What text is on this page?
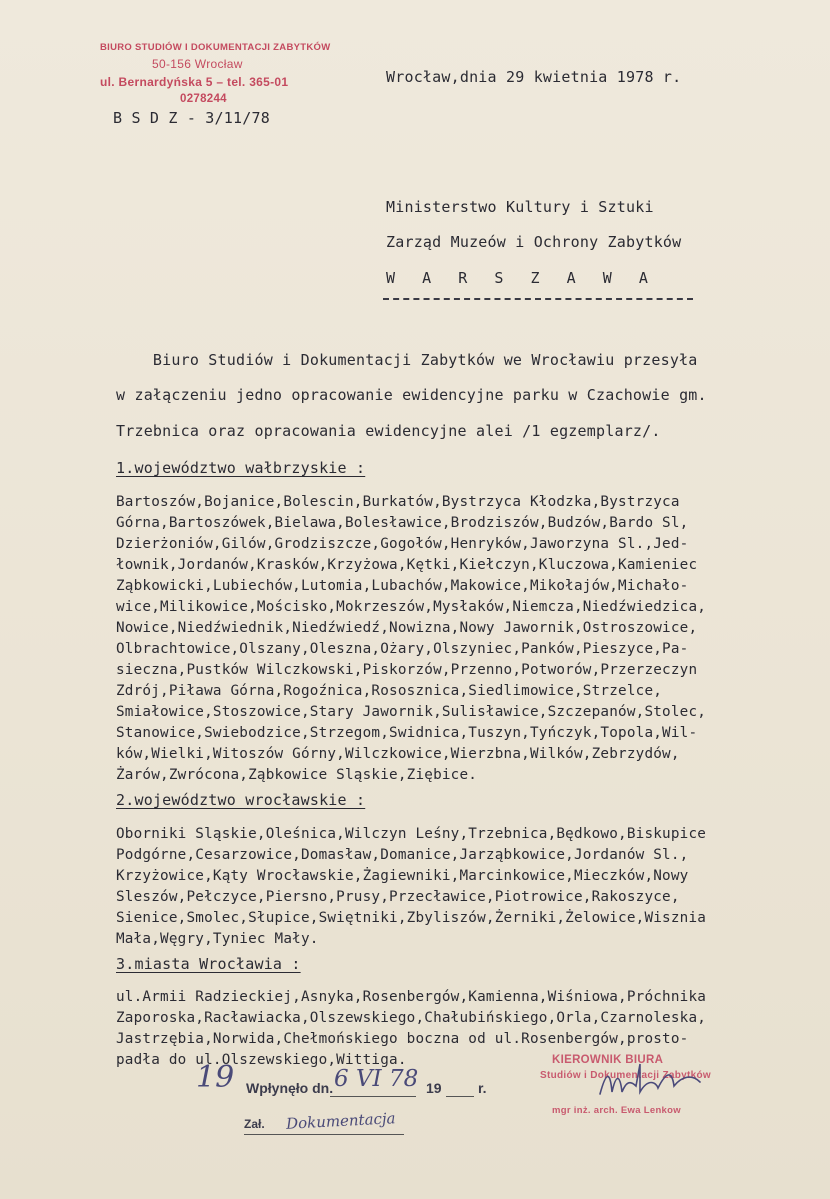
BIURO STUDIÓW I DOKUMENTACJI ZABYTKÓW
50-156 Wrocław
ul. Bernardyńska 5 – tel. 365-01
0278244
B S D Z - 3/11/78
Wrocław,dnia 29 kwietnia 1978 r.
Ministerstwo Kultury i Sztuki
Zarząd Muzeów i Ochrony Zabytków
W   A   R   S   Z   A   W   A
Biuro Studiów i Dokumentacji Zabytków we Wrocławiu przesyła
w załączeniu jedno opracowanie ewidencyjne parku w Czachowie gm.
Trzebnica oraz opracowania ewidencyjne alei /1 egzemplarz/.
1.województwo wałbrzyskie :
Bartoszów,Bojanice,Bolescin,Burkatów,Bystrzyca Kłodzka,Bystrzyca
Górna,Bartoszówek,Bielawa,Bolesławice,Brodziszów,Budzów,Bardo Sl,
Dzierżoniów,Gilów,Grodziszcze,Gogołów,Henryków,Jaworzyna Sl.,Jed-
łownik,Jordanów,Krasków,Krzyżowa,Kętki,Kiełczyn,Kluczowa,Kamieniec
Ząbkowicki,Lubiechów,Lutomia,Lubachów,Makowice,Mikołajów,Michało-
wice,Milikowice,Mościsko,Mokrzeszów,Mysłaków,Niemcza,Niedźwiedzica,
Nowice,Niedźwiednik,Niedźwiedź,Nowizna,Nowy Jawornik,Ostroszowice,
Olbrachtowice,Olszany,Oleszna,Ożary,Olszyniec,Panków,Pieszyce,Pa-
sieczna,Pustków Wilczkowski,Piskorzów,Przenno,Potworów,Przerzeczyn
Zdrój,Piława Górna,Rogoźnica,Rososznica,Siedlimowice,Strzelce,
Smiałowice,Stoszowice,Stary Jawornik,Sulisławice,Szczepanów,Stolec,
Stanowice,Swiebodzice,Strzegom,Swidnica,Tuszyn,Tyńczyk,Topola,Wil-
ków,Wielki,Witoszów Górny,Wilczkowice,Wierzbna,Wilków,Zebrzydów,
Żarów,Zwrócona,Ząbkowice Sląskie,Ziębice.
2.województwo wrocławskie :
Oborniki Sląskie,Oleśnica,Wilczyn Leśny,Trzebnica,Będkowo,Biskupice
Podgórne,Cesarzowice,Domasław,Domanice,Jarząbkowice,Jordanów Sl.,
Krzyżowice,Kąty Wrocławskie,Żagiewniki,Marcinkowice,Mieczków,Nowy
Sleszów,Pełczyce,Piersno,Prusy,Przecławice,Piotrowice,Rakoszyce,
Sienice,Smolec,Słupice,Swiętniki,Zbyliszów,Żerniki,Żelowice,Wisznia
Mała,Węgry,Tyniec Mały.
3.miasta Wrocławia :
ul.Armii Radzieckiej,Asnyka,Rosenbergów,Kamienna,Wiśniowa,Próchnika
Zaporoska,Racławiacka,Olszewskiego,Chałubińskiego,Orla,Czarnoleska,
Jastrzębia,Norwida,Chełmońskiego boczna od ul.Rosenbergów,prosto-
padła do ul.Olszewskiego,Wittiga.
19 Wpłynęło dn. 6 VI 78 19	r.
Zał. Dokumentacja
KIEROWNIK BIURA
Studiów i Dokumentacji Zabytków
mgr inż. arch. Ewa Lenkow
